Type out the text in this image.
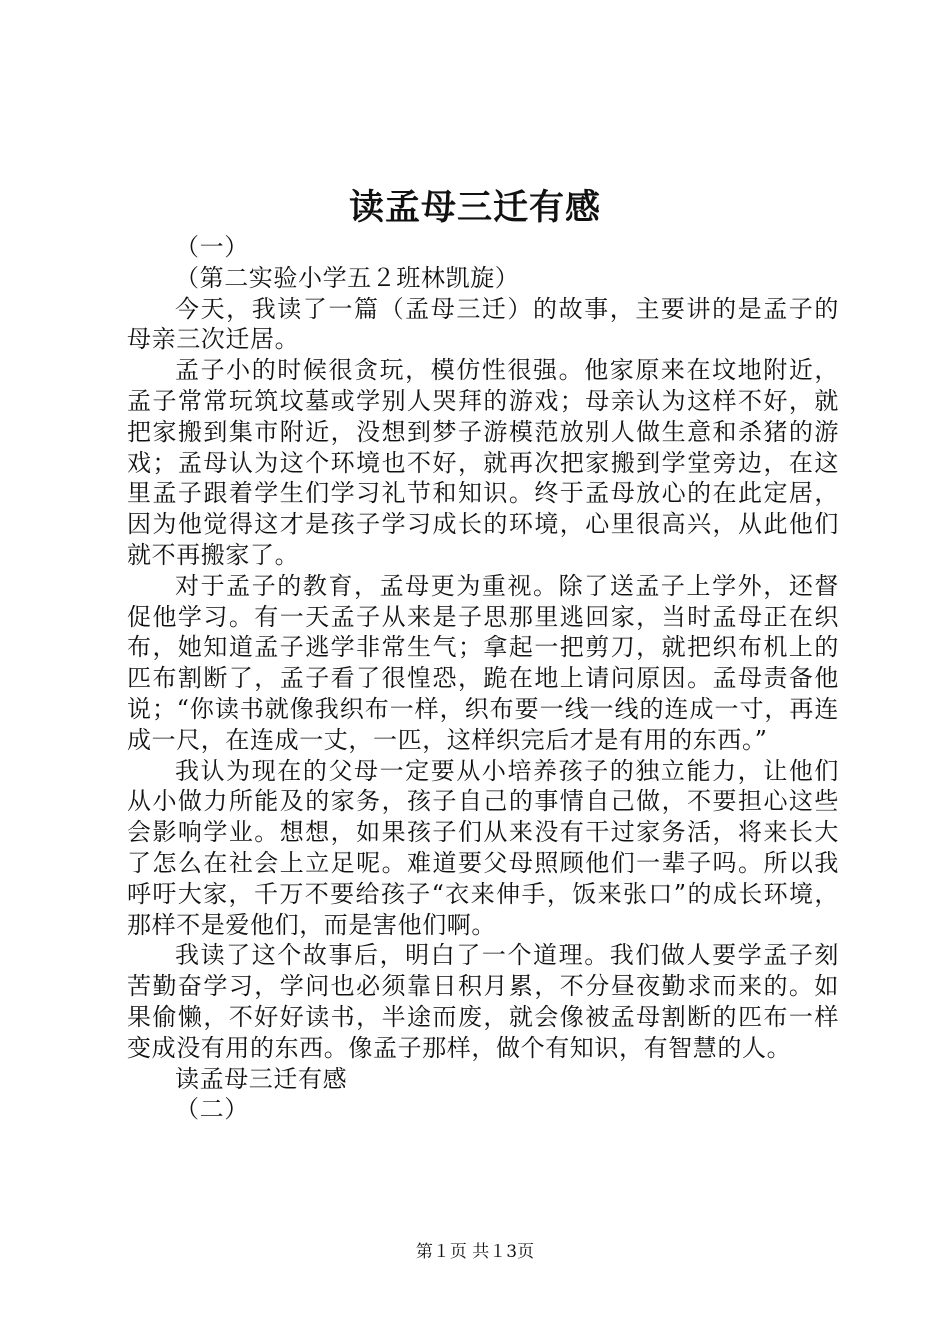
读孟母三迁有感

（一）

（第二实验小学五２班林凯旋）

今天，我读了一篇（孟母三迁）的故事，主要讲的是孟子的母亲三次迁居。

孟子小的时候很贪玩，模仿性很强。他家原来在坟地附近，孟子常常玩筑坟墓或学别人哭拜的游戏；母亲认为这样不好，就把家搬到集市附近，没想到梦子游模范放别人做生意和杀猪的游戏；孟母认为这个环境也不好，就再次把家搬到学堂旁边，在这里孟子跟着学生们学习礼节和知识。终于孟母放心的在此定居，因为他觉得这才是孩子学习成长的环境，心里很高兴，从此他们就不再搬家了。

对于孟子的教育，孟母更为重视。除了送孟子上学外，还督促他学习。有一天孟子从来是子思那里逃回家，当时孟母正在织布，她知道孟子逃学非常生气；拿起一把剪刀，就把织布机上的匹布割断了，孟子看了很惶恐，跪在地上请问原因。孟母责备他说；“你读书就像我织布一样，织布要一线一线的连成一寸，再连成一尺，在连成一丈，一匹，这样织完后才是有用的东西。”

我认为现在的父母一定要从小培养孩子的独立能力，让他们从小做力所能及的家务，孩子自己的事情自己做，不要担心这些会影响学业。想想，如果孩子们从来没有干过家务活，将来长大了怎么在社会上立足呢。难道要父母照顾他们一辈子吗。所以我呼吁大家，千万不要给孩子“衣来伸手，饭来张口”的成长环境，那样不是爱他们，而是害他们啊。

我读了这个故事后，明白了一个道理。我们做人要学孟子刻苦勤奋学习，学问也必须靠日积月累，不分昼夜勤求而来的。如果偷懒，不好好读书，半途而废，就会像被孟母割断的匹布一样变成没有用的东西。像孟子那样，做个有知识，有智慧的人。

读孟母三迁有感

（二）

第１页 共１3页
